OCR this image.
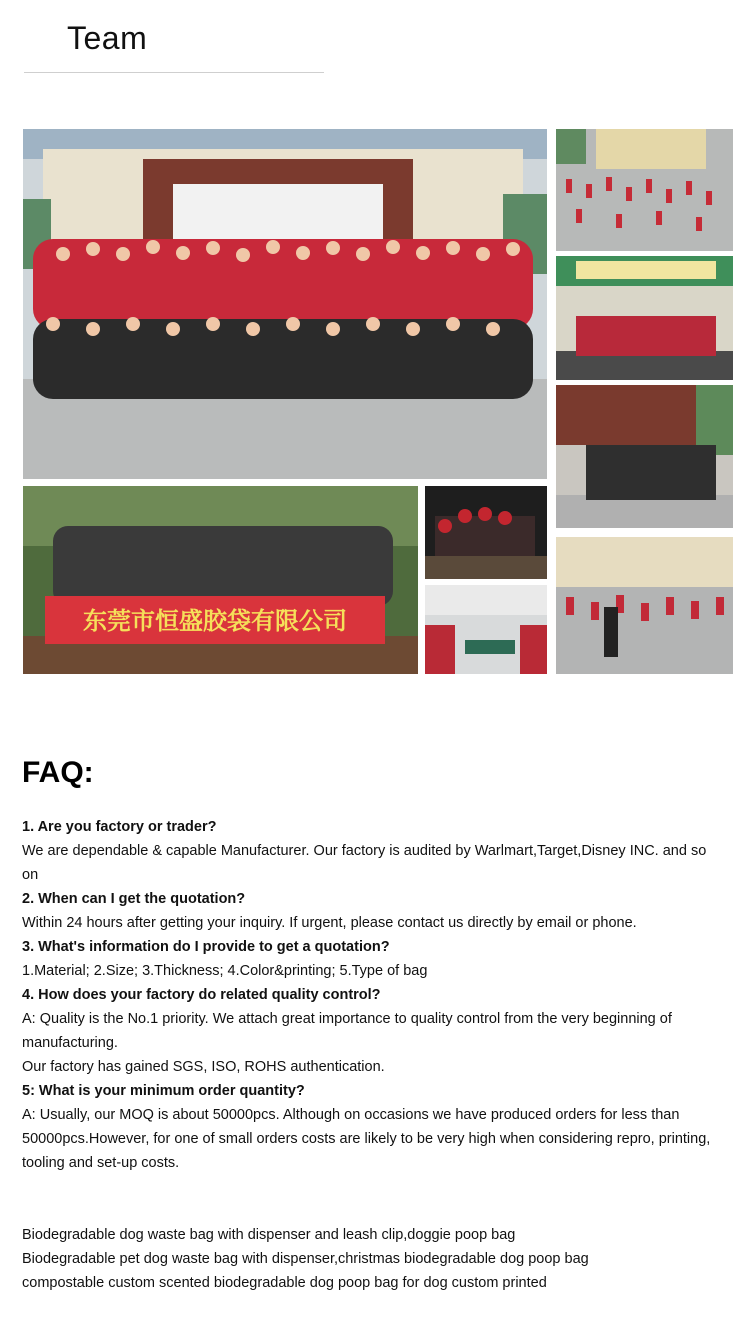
Team
东莞市恒盛胶袋有限公司
FAQ:

1. Are you factory or trader?

We are dependable & capable Manufacturer. Our factory is audited by Warlmart,Target,Disney INC. and so on

2. When can I get the quotation?

Within 24 hours after getting your inquiry. If urgent, please contact us directly by email or phone.

3. What's information do I provide to get a quotation?

1.Material; 2.Size; 3.Thickness; 4.Color&printing; 5.Type of bag

4. How does your factory do related quality control?

A: Quality is the No.1 priority. We attach great importance to quality control from the very beginning of manufacturing.

Our factory has gained SGS, ISO, ROHS authentication.

5: What is your minimum order quantity?

A: Usually, our MOQ is about 50000pcs. Although on occasions we have produced orders for less than 50000pcs.However, for one of small orders costs are likely to be very high when considering repro, printing, tooling and set-up costs.

Biodegradable dog waste bag with dispenser and leash clip,doggie poop bag

Biodegradable pet dog waste bag with dispenser,christmas biodegradable dog poop bag

compostable custom scented biodegradable dog poop bag for dog custom printed
